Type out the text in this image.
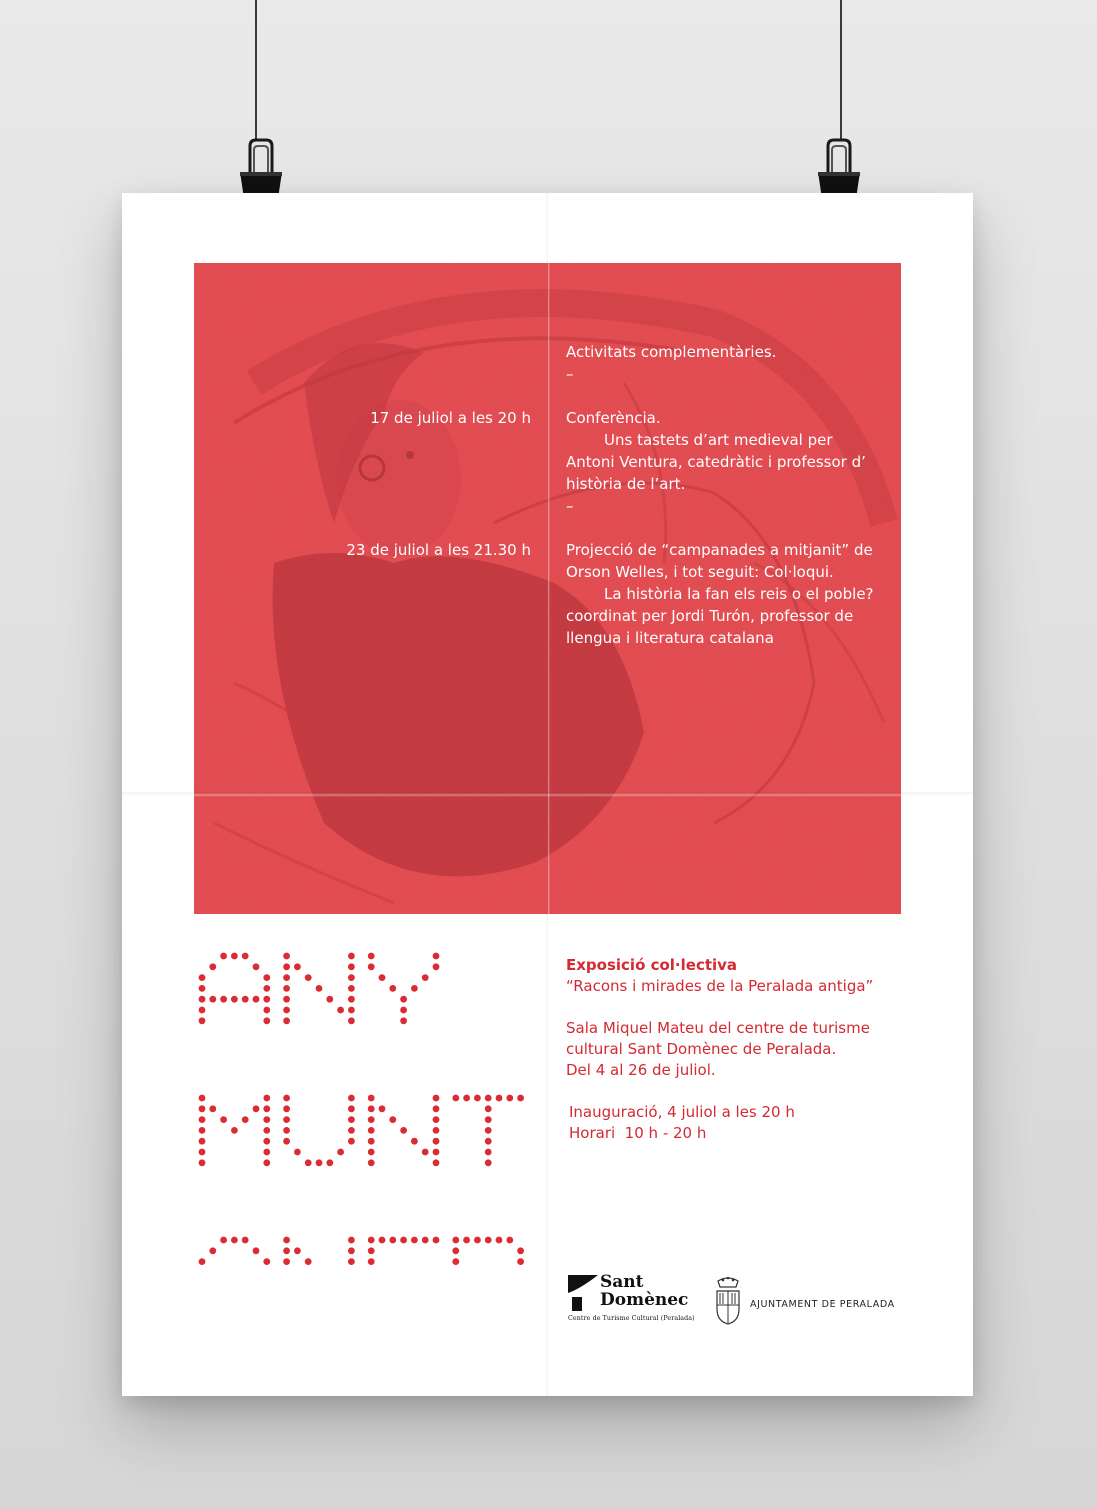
Activitats complementàries.
–
17 de juliol a les 20 h Conferència.
Uns tastets d’art medieval per Antoni Ventura, catedràtic i professor d’ història de l’art.
–
23 de juliol a les 21.30 h Projecció de “campanades a mitjanit” de Orson Welles, i tot seguit: Col·loqui.
La història la fan els reis o el poble? coordinat per Jordi Turón, professor de llengua i literatura catalana
Exposició col·lectiva
“Racons i mirades de la Peralada antiga”
Sala Miquel Mateu del centre de turisme cultural Sant Domènec de Peralada.
Del 4 al 26 de juliol.
Inauguració, 4 juliol a les 20 h
Horari  10 h - 20 h
Sant
Domènec
Centre de Turisme Cultural (Peralada)
AJUNTAMENT DE PERALADA
